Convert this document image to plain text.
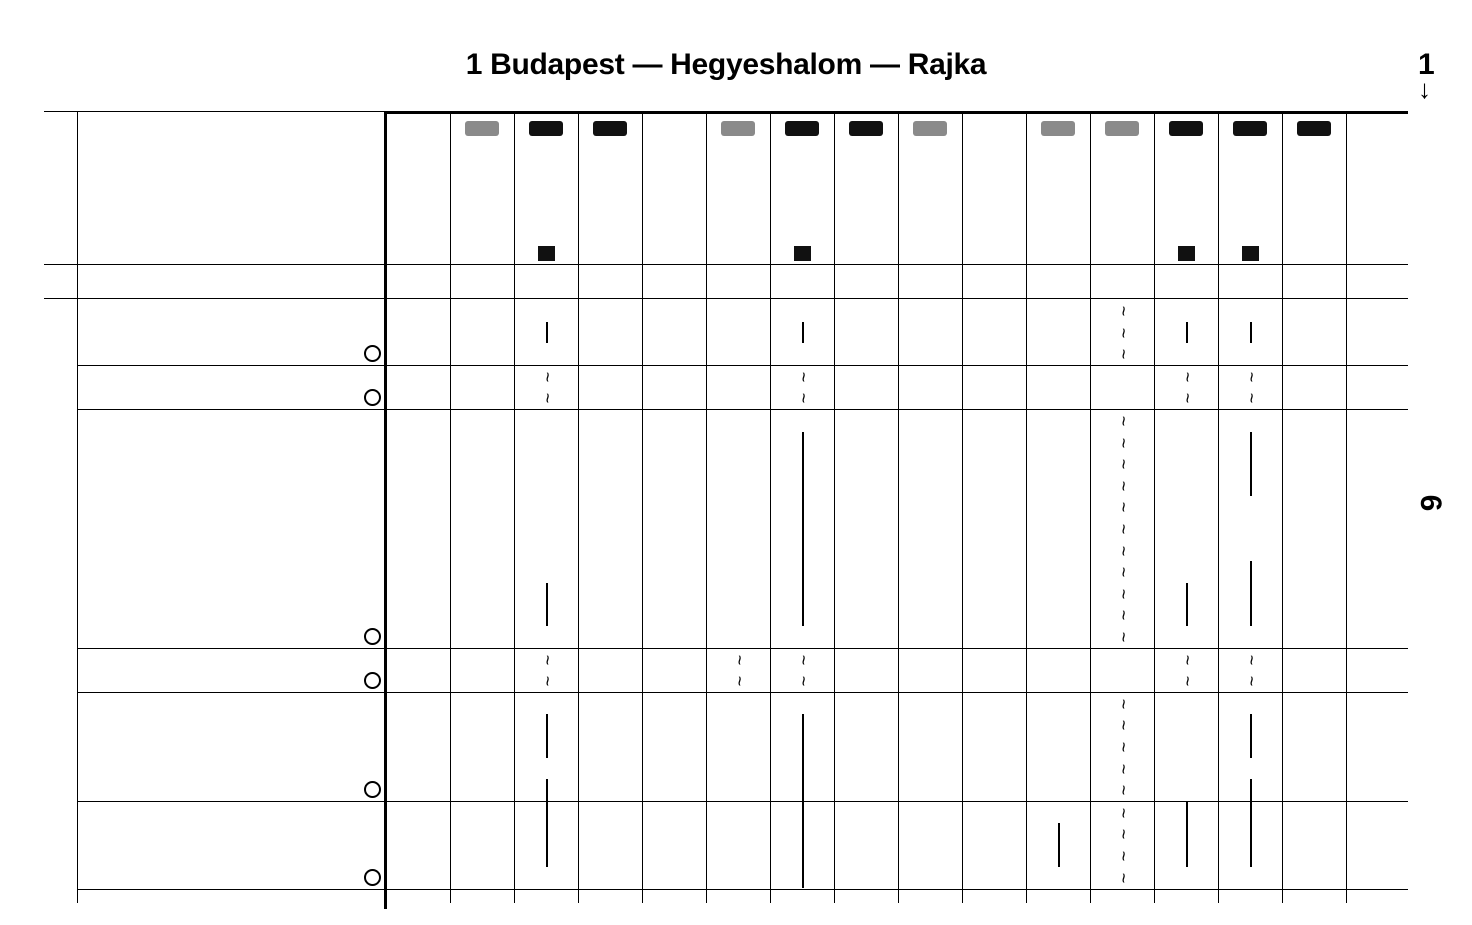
1 Budapest — Hegyeshalom — Rajka	1
↓
6
~
~
~
~
~
~
~
~
~
~
~
~
~
~
~
~
~
~
~
~
~
~
~
~
~
~
~
~
~
~
~
~
~
~
~
~
~
~
~
~
~
